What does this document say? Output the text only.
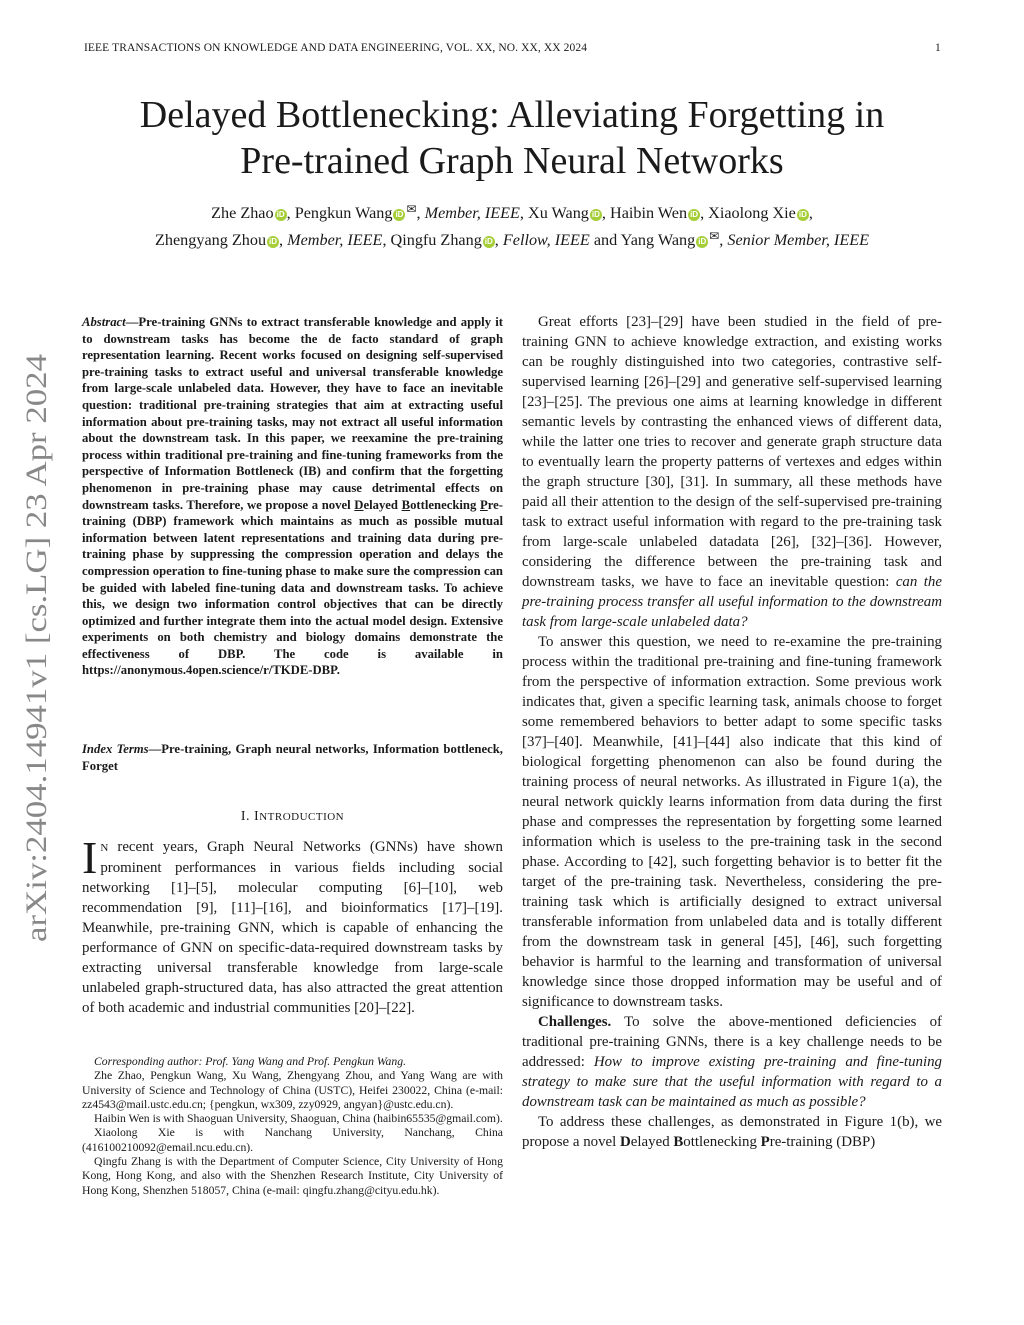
IEEE TRANSACTIONS ON KNOWLEDGE AND DATA ENGINEERING, VOL. XX, NO. XX, XX 2024	1
Delayed Bottlenecking: Alleviating Forgetting in
Pre-trained Graph Neural Networks
Zhe Zhao iD , Pengkun Wang iD ✉, Member, IEEE, Xu Wang iD , Haibin Wen iD , Xiaolong Xie iD ,
Zhengyang Zhou iD , Member, IEEE, Qingfu Zhang iD , Fellow, IEEE and Yang Wang iD ✉, Senior Member, IEEE
arXiv:2404.14941v1 [cs.LG] 23 Apr 2024
Abstract—Pre-training GNNs to extract transferable knowledge and apply it to downstream tasks has become the de facto standard of graph representation learning. Recent works focused on designing self-supervised pre-training tasks to extract useful and universal transferable knowledge from large-scale unlabeled data. However, they have to face an inevitable question: traditional pre-training strategies that aim at extracting useful information about pre-training tasks, may not extract all useful information about the downstream task. In this paper, we reexamine the pre-training process within traditional pre-training and fine-tuning frameworks from the perspective of Information Bottleneck (IB) and confirm that the forgetting phenomenon in pre-training phase may cause detrimental effects on downstream tasks. Therefore, we propose a novel Delayed Bottlenecking Pre-training (DBP) framework which maintains as much as possible mutual information between latent representations and training data during pre-training phase by suppressing the compression operation and delays the compression operation to fine-tuning phase to make sure the compression can be guided with labeled fine-tuning data and downstream tasks. To achieve this, we design two information control objectives that can be directly optimized and further integrate them into the actual model design. Extensive experiments on both chemistry and biology domains demonstrate the effectiveness of DBP. The code is available in https://anonymous.4open.science/r/TKDE-DBP.
Index Terms—Pre-training, Graph neural networks, Information bottleneck, Forget
I. INTRODUCTION
I N recent years, Graph Neural Networks (GNNs) have shown prominent performances in various fields including social networking [1]–[5], molecular computing [6]–[10], web recommendation [9], [11]–[16], and bioinformatics [17]–[19]. Meanwhile, pre-training GNN, which is capable of enhancing the performance of GNN on specific-data-required downstream tasks by extracting universal transferable knowledge from large-scale unlabeled graph-structured data, has also attracted the great attention of both academic and industrial communities [20]–[22].

Corresponding author: Prof. Yang Wang and Prof. Pengkun Wang.

Zhe Zhao, Pengkun Wang, Xu Wang, Zhengyang Zhou, and Yang Wang are with University of Science and Technology of China (USTC), Heifei 230022, China (e-mail: zz4543@mail.ustc.edu.cn; {pengkun, wx309, zzy0929, angyan}@ustc.edu.cn).

Haibin Wen is with Shaoguan University, Shaoguan, China (haibin65535@gmail.com).

Xiaolong Xie is with Nanchang University, Nanchang, China (416100210092@email.ncu.edu.cn).

Qingfu Zhang is with the Department of Computer Science, City University of Hong Kong, Hong Kong, and also with the Shenzhen Research Institute, City University of Hong Kong, Shenzhen 518057, China (e-mail: qingfu.zhang@cityu.edu.hk).

Great efforts [23]–[29] have been studied in the field of pre-training GNN to achieve knowledge extraction, and existing works can be roughly distinguished into two categories, contrastive self-supervised learning [26]–[29] and generative self-supervised learning [23]–[25]. The previous one aims at learning knowledge in different semantic levels by contrasting the enhanced views of different data, while the latter one tries to recover and generate graph structure data to eventually learn the property patterns of vertexes and edges within the graph structure [30], [31]. In summary, all these methods have paid all their attention to the design of the self-supervised pre-training task to extract useful information with regard to the pre-training task from large-scale unlabeled datadata [26], [32]–[36]. However, considering the difference between the pre-training task and downstream tasks, we have to face an inevitable question: can the pre-training process transfer all useful information to the downstream task from large-scale unlabeled data?

To answer this question, we need to re-examine the pre-training process within the traditional pre-training and fine-tuning framework from the perspective of information extraction. Some previous work indicates that, given a specific learning task, animals choose to forget some remembered behaviors to better adapt to some specific tasks [37]–[40]. Meanwhile, [41]–[44] also indicate that this kind of biological forgetting phenomenon can also be found during the training process of neural networks. As illustrated in Figure 1(a), the neural network quickly learns information from data during the first phase and compresses the representation by forgetting some learned information which is useless to the pre-training task in the second phase. According to [42], such forgetting behavior is to better fit the target of the pre-training task. Nevertheless, considering the pre-training task which is artificially designed to extract universal transferable information from unlabeled data and is totally different from the downstream task in general [45], [46], such forgetting behavior is harmful to the learning and transformation of universal knowledge since those dropped information may be useful and of significance to downstream tasks.

Challenges. To solve the above-mentioned deficiencies of traditional pre-training GNNs, there is a key challenge needs to be addressed: How to improve existing pre-training and fine-tuning strategy to make sure that the useful information with regard to a downstream task can be maintained as much as possible?

To address these challenges, as demonstrated in Figure 1(b), we propose a novel Delayed Bottlenecking Pre-training (DBP)
